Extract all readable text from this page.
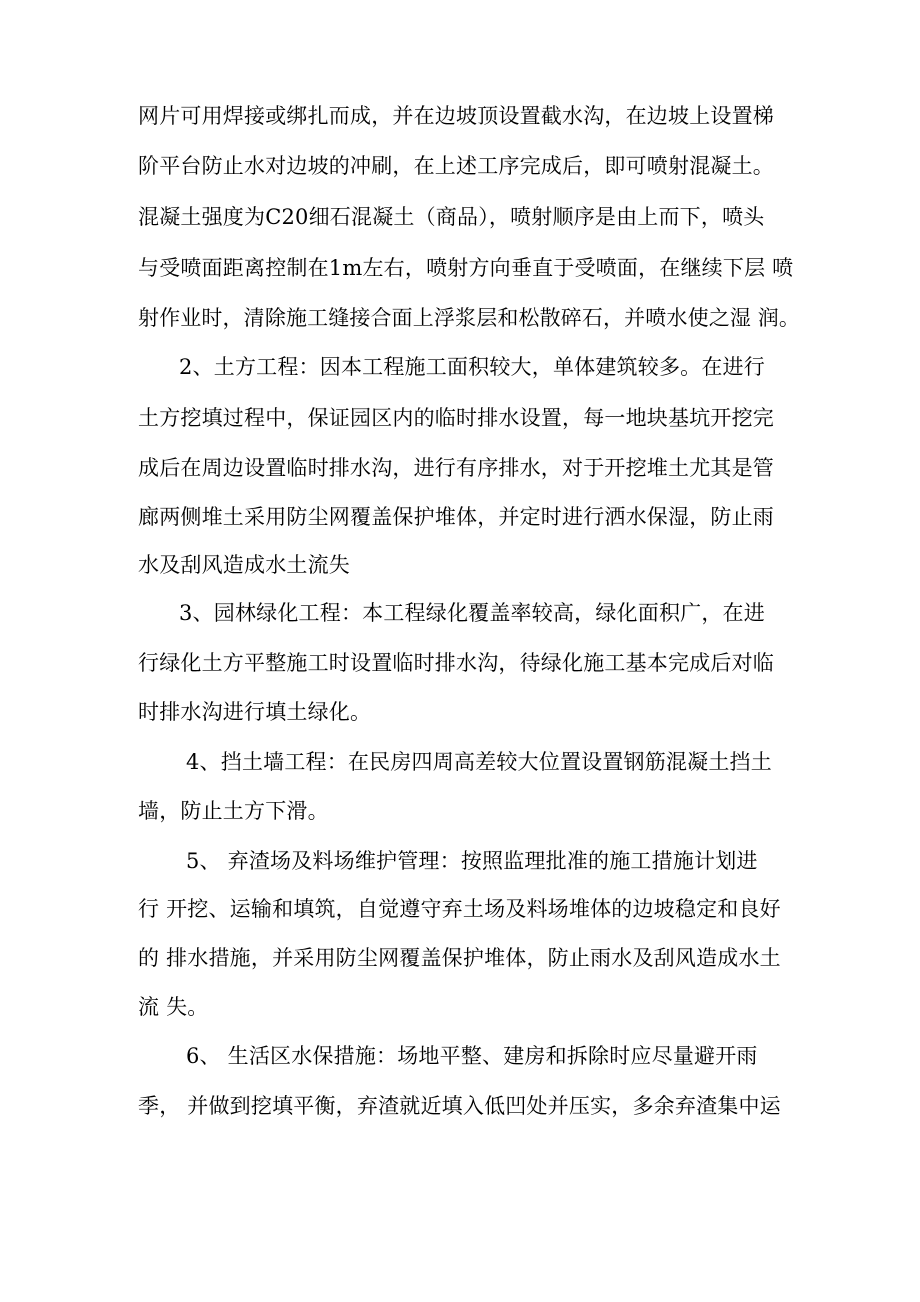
网片可用焊接或绑扎而成，并在边坡顶设置截水沟，在边坡上设置梯
阶平台防止水对边坡的冲刷，在上述工序完成后，即可喷射混凝土。
混凝土强度为C20细石混凝土（商品），喷射顺序是由上而下，喷头
与受喷面距离控制在1m左右，喷射方向垂直于受喷面，在继续下层 喷
射作业时，清除施工缝接合面上浮浆层和松散碎石，并喷水使之湿 润。
2、土方工程：因本工程施工面积较大，单体建筑较多。在进行
土方挖填过程中，保证园区内的临时排水设置，每一地块基坑开挖完
成后在周边设置临时排水沟，进行有序排水，对于开挖堆土尤其是管
廊两侧堆土采用防尘网覆盖保护堆体，并定时进行洒水保湿，防止雨
水及刮风造成水土流失
3、园林绿化工程：本工程绿化覆盖率较高，绿化面积广，在进
行绿化土方平整施工时设置临时排水沟，待绿化施工基本完成后对临
时排水沟进行填土绿化。
4、挡土墙工程：在民房四周高差较大位置设置钢筋混凝土挡土
墙，防止土方下滑。
5、 弃渣场及料场维护管理：按照监理批准的施工措施计划进
行 开挖、运输和填筑，自觉遵守弃土场及料场堆体的边坡稳定和良好
的 排水措施，并采用防尘网覆盖保护堆体，防止雨水及刮风造成水土
流 失。
6、 生活区水保措施：场地平整、建房和拆除时应尽量避开雨
季， 并做到挖填平衡，弃渣就近填入低凹处并压实，多余弃渣集中运
